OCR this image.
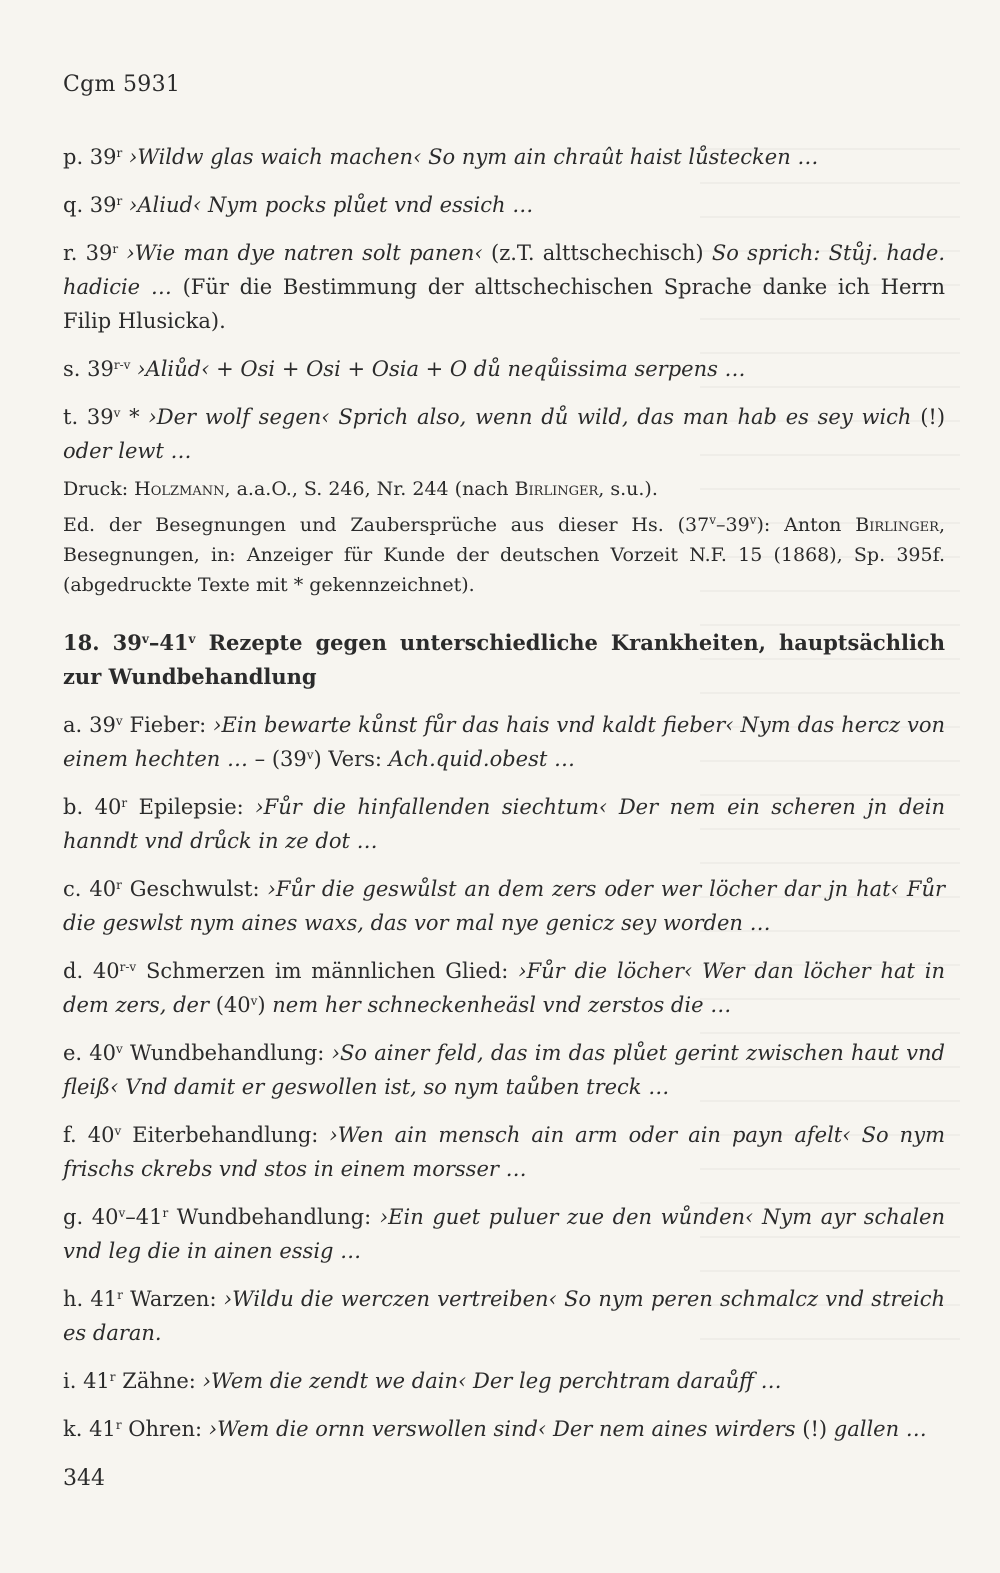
Cgm 5931
p. 39$^r$ ›Wildw glas waich machen‹ So nym ain chraût haist lůstecken …
q. 39$^r$ ›Aliud‹ Nym pocks plůet vnd essich …
r. 39$^r$ ›Wie man dye natren solt panen‹ (z.T. alttschechisch) So sprich: Stůj. hade. hadicie … (Für die Bestimmung der alttschechischen Sprache danke ich Herrn Filip Hlusicka).
s. 39$^{r-v}$ ›Aliůd‹ + Osi + Osi + Osia + O dů neqůissima serpens …
t. 39$^v$ * ›Der wolf segen‹ Sprich also, wenn dů wild, das man hab es sey wich (!) oder lewt …
Druck: Holzmann, a.a.O., S. 246, Nr. 244 (nach Birlinger, s.u.).
Ed. der Besegnungen und Zaubersprüche aus dieser Hs. (37$^v$–39$^v$): Anton Birlinger, Besegnungen, in: Anzeiger für Kunde der deutschen Vorzeit N.F. 15 (1868), Sp. 395f. (abgedruckte Texte mit * gekennzeichnet).
18. 39$^v$–41$^v$ Rezepte gegen unterschiedliche Krankheiten, hauptsächlich zur Wundbehandlung
a. 39$^v$ Fieber: ›Ein bewarte kůnst fůr das hais vnd kaldt fieber‹ Nym das hercz von einem hechten … – (39$^v$) Vers: Ach.quid.obest …
b. 40$^r$ Epilepsie: ›Fůr die hinfallenden siechtum‹ Der nem ein scheren jn dein hanndt vnd drůck in ze dot …
c. 40$^r$ Geschwulst: ›Fůr die geswůlst an dem zers oder wer löcher dar jn hat‹ Fůr die geswlst nym aines waxs, das vor mal nye genicz sey worden …
d. 40$^{r-v}$ Schmerzen im männlichen Glied: ›Fůr die löcher‹ Wer dan löcher hat in dem zers, der (40$^v$) nem her schneckenheäsl vnd zerstos die …
e. 40$^v$ Wundbehandlung: ›So ainer feld, das im das plůet gerint zwischen haut vnd fleiß‹ Vnd damit er geswollen ist, so nym taůben treck …
f. 40$^v$ Eiterbehandlung: ›Wen ain mensch ain arm oder ain payn afelt‹ So nym frischs ckrebs vnd stos in einem morsser …
g. 40$^v$–41$^r$ Wundbehandlung: ›Ein guet puluer zue den wůnden‹ Nym ayr schalen vnd leg die in ainen essig …
h. 41$^r$ Warzen: ›Wildu die werczen vertreiben‹ So nym peren schmalcz vnd streich es daran.
i. 41$^r$ Zähne: ›Wem die zendt we dain‹ Der leg perchtram daraůff …
k. 41$^r$ Ohren: ›Wem die ornn verswollen sind‹ Der nem aines wirders (!) gallen …
344
